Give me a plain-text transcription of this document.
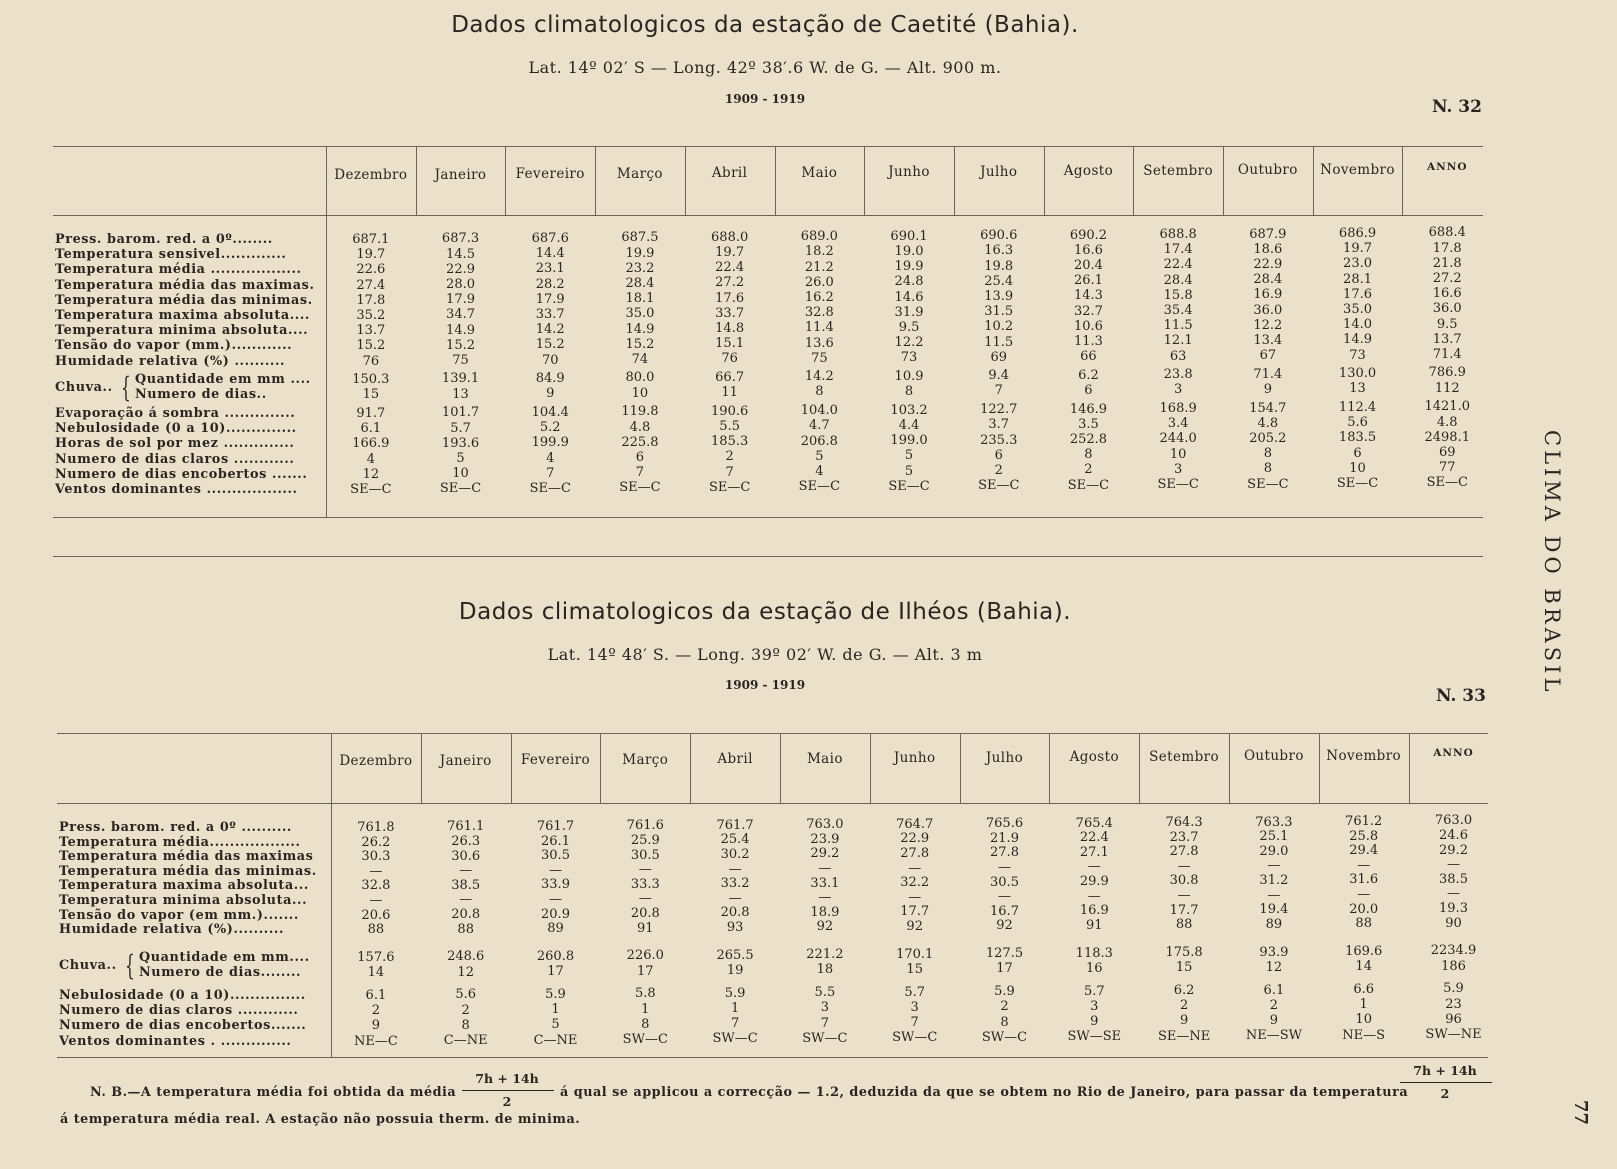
Dados climatologicos da estação de Caetité (Bahia).
Lat. 14º 02′ S — Long. 42º 38′.6 W. de G. — Alt. 900 m.
1909 - 1919	N. 32
Dezembro	Janeiro	Fevereiro	Março	Abril	Maio	Junho	Julho	Agosto	Setembro	Outubro	Novembro	ANNO
Press. barom. red. a 0º........	687.1	687.3	687.6	687.5	688.0	689.0	690.1	690.6	690.2	688.8	687.9	686.9	688.4
Temperatura sensivel.............	19.7	14.5	14.4	19.9	19.7	18.2	19.0	16.3	16.6	17.4	18.6	19.7	17.8
Temperatura média ..................	22.6	22.9	23.1	23.2	22.4	21.2	19.9	19.8	20.4	22.4	22.9	23.0	21.8
Temperatura média das maximas.	27.4	28.0	28.2	28.4	27.2	26.0	24.8	25.4	26.1	28.4	28.4	28.1	27.2
Temperatura média das minimas.	17.8	17.9	17.9	18.1	17.6	16.2	14.6	13.9	14.3	15.8	16.9	17.6	16.6
Temperatura maxima absoluta....	35.2	34.7	33.7	35.0	33.7	32.8	31.9	31.5	32.7	35.4	36.0	35.0	36.0
Temperatura minima absoluta....	13.7	14.9	14.2	14.9	14.8	11.4	9.5	10.2	10.6	11.5	12.2	14.0	9.5
Tensão do vapor (mm.)............	15.2	15.2	15.2	15.2	15.1	13.6	12.2	11.5	11.3	12.1	13.4	14.9	13.7
Humidade relativa (%) ..........	76	75	70	74	76	75	73	69	66	63	67	73	71.4
Chuva.. { Quantidade em mm ....	150.3	139.1	84.9	80.0	66.7	14.2	10.9	9.4	6.2	23.8	71.4	130.0	786.9
Numero de dias..	15	13	9	10	11	8	8	7	6	3	9	13	112
Evaporação á sombra ..............	91.7	101.7	104.4	119.8	190.6	104.0	103.2	122.7	146.9	168.9	154.7	112.4	1421.0
Nebulosidade (0 a 10)..............	6.1	5.7	5.2	4.8	5.5	4.7	4.4	3.7	3.5	3.4	4.8	5.6	4.8
Horas de sol por mez ..............	166.9	193.6	199.9	225.8	185.3	206.8	199.0	235.3	252.8	244.0	205.2	183.5	2498.1
Numero de dias claros ............	4	5	4	6	2	5	5	6	8	10	8	6	69
Numero de dias encobertos .......	12	10	7	7	7	4	5	2	2	3	8	10	77
Ventos dominantes ..................	SE—C	SE—C	SE—C	SE—C	SE—C	SE—C	SE—C	SE—C	SE—C	SE—C	SE—C	SE—C	SE—C
Dados climatologicos da estação de Ilhéos (Bahia).
Lat. 14º 48′ S. — Long. 39º 02′ W. de G. — Alt. 3 m
1909 - 1919
N. 33
Dezembro	Janeiro	Fevereiro	Março	Abril	Maio	Junho	Julho	Agosto	Setembro	Outubro	Novembro	ANNO
Press. barom. red. a 0º ..........	761.8	761.1	761.7	761.6	761.7	763.0	764.7	765.6	765.4	764.3	763.3	761.2	763.0
Temperatura média..................	26.2	26.3	26.1	25.9	25.4	23.9	22.9	21.9	22.4	23.7	25.1	25.8	24.6
Temperatura média das maximas	30.3	30.6	30.5	30.5	30.2	29.2	27.8	27.8	27.1	27.8	29.0	29.4	29.2
Temperatura média das minimas.	—	—	—	—	—	—	—	—	—	—	—	—	—
Temperatura maxima absoluta...	32.8	38.5	33.9	33.3	33.2	33.1	32.2	30.5	29.9	30.8	31.2	31.6	38.5
Temperatura minima absoluta...	—	—	—	—	—	—	—	—	—	—	—	—	—
Tensão do vapor (em mm.).......	20.6	20.8	20.9	20.8	20.8	18.9	17.7	16.7	16.9	17.7	19.4	20.0	19.3
Humidade relativa (%)..........	88	88	89	91	93	92	92	92	91	88	89	88	90
Chuva.. { Quantidade em mm....	157.6	248.6	260.8	226.0	265.5	221.2	170.1	127.5	118.3	175.8	93.9	169.6	2234.9
Numero de dias........	14	12	17	17	19	18	15	17	16	15	12	14	186
Nebulosidade (0 a 10)...............	6.1	5.6	5.9	5.8	5.9	5.5	5.7	5.9	5.7	6.2	6.1	6.6	5.9
Numero de dias claros ............	2	2	1	1	1	3	3	2	3	2	2	1	23
Numero de dias encobertos.......	9	8	5	8	7	7	7	8	9	9	9	10	96
Ventos dominantes . ..............	NE—C	C—NE	C—NE	SW—C	SW—C	SW—C	SW—C	SW—C	SW—SE	SE—NE	NE—SW	NE—S	SW—NE
CLIMA DO BRASIL
77
N. B.—A temperatura média foi obtida da média
7h + 14h
2
á qual se applicou a correcção — 1.2, deduzida da que se obtem no Rio de Janeiro, para passar da temperatura
7h + 14h
2
á temperatura média real. A estação não possuia therm. de minima.
